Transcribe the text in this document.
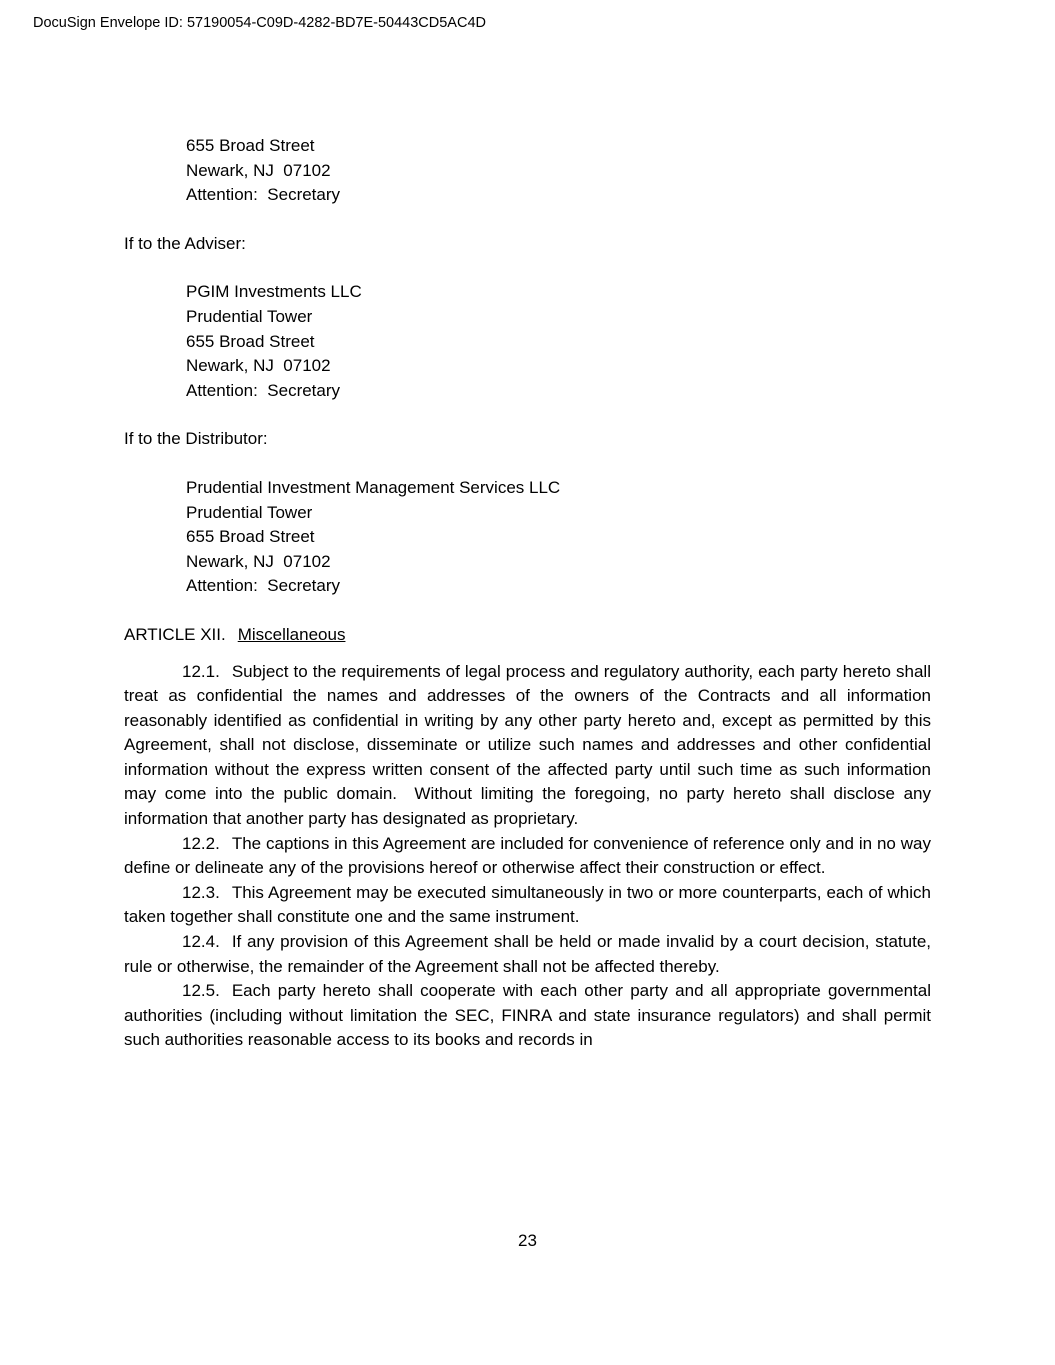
DocuSign Envelope ID: 57190054-C09D-4282-BD7E-50443CD5AC4D
655 Broad Street
Newark, NJ  07102
Attention:  Secretary
If to the Adviser:
PGIM Investments LLC
Prudential Tower
655 Broad Street
Newark, NJ  07102
Attention:  Secretary
If to the Distributor:
Prudential Investment Management Services LLC
Prudential Tower
655 Broad Street
Newark, NJ  07102
Attention:  Secretary
ARTICLE XII. Miscellaneous

12.1. Subject to the requirements of legal process and regulatory authority, each party hereto shall treat as confidential the names and addresses of the owners of the Contracts and all information reasonably identified as confidential in writing by any other party hereto and, except as permitted by this Agreement, shall not disclose, disseminate or utilize such names and addresses and other confidential information without the express written consent of the affected party until such time as such information may come into the public domain.  Without limiting the foregoing, no party hereto shall disclose any information that another party has designated as proprietary.

12.2. The captions in this Agreement are included for convenience of reference only and in no way define or delineate any of the provisions hereof or otherwise affect their construction or effect.

12.3. This Agreement may be executed simultaneously in two or more counterparts, each of which taken together shall constitute one and the same instrument.

12.4. If any provision of this Agreement shall be held or made invalid by a court decision, statute, rule or otherwise, the remainder of the Agreement shall not be affected thereby.

12.5. Each party hereto shall cooperate with each other party and all appropriate governmental authorities (including without limitation the SEC, FINRA and state insurance regulators) and shall permit such authorities reasonable access to its books and records in

23
